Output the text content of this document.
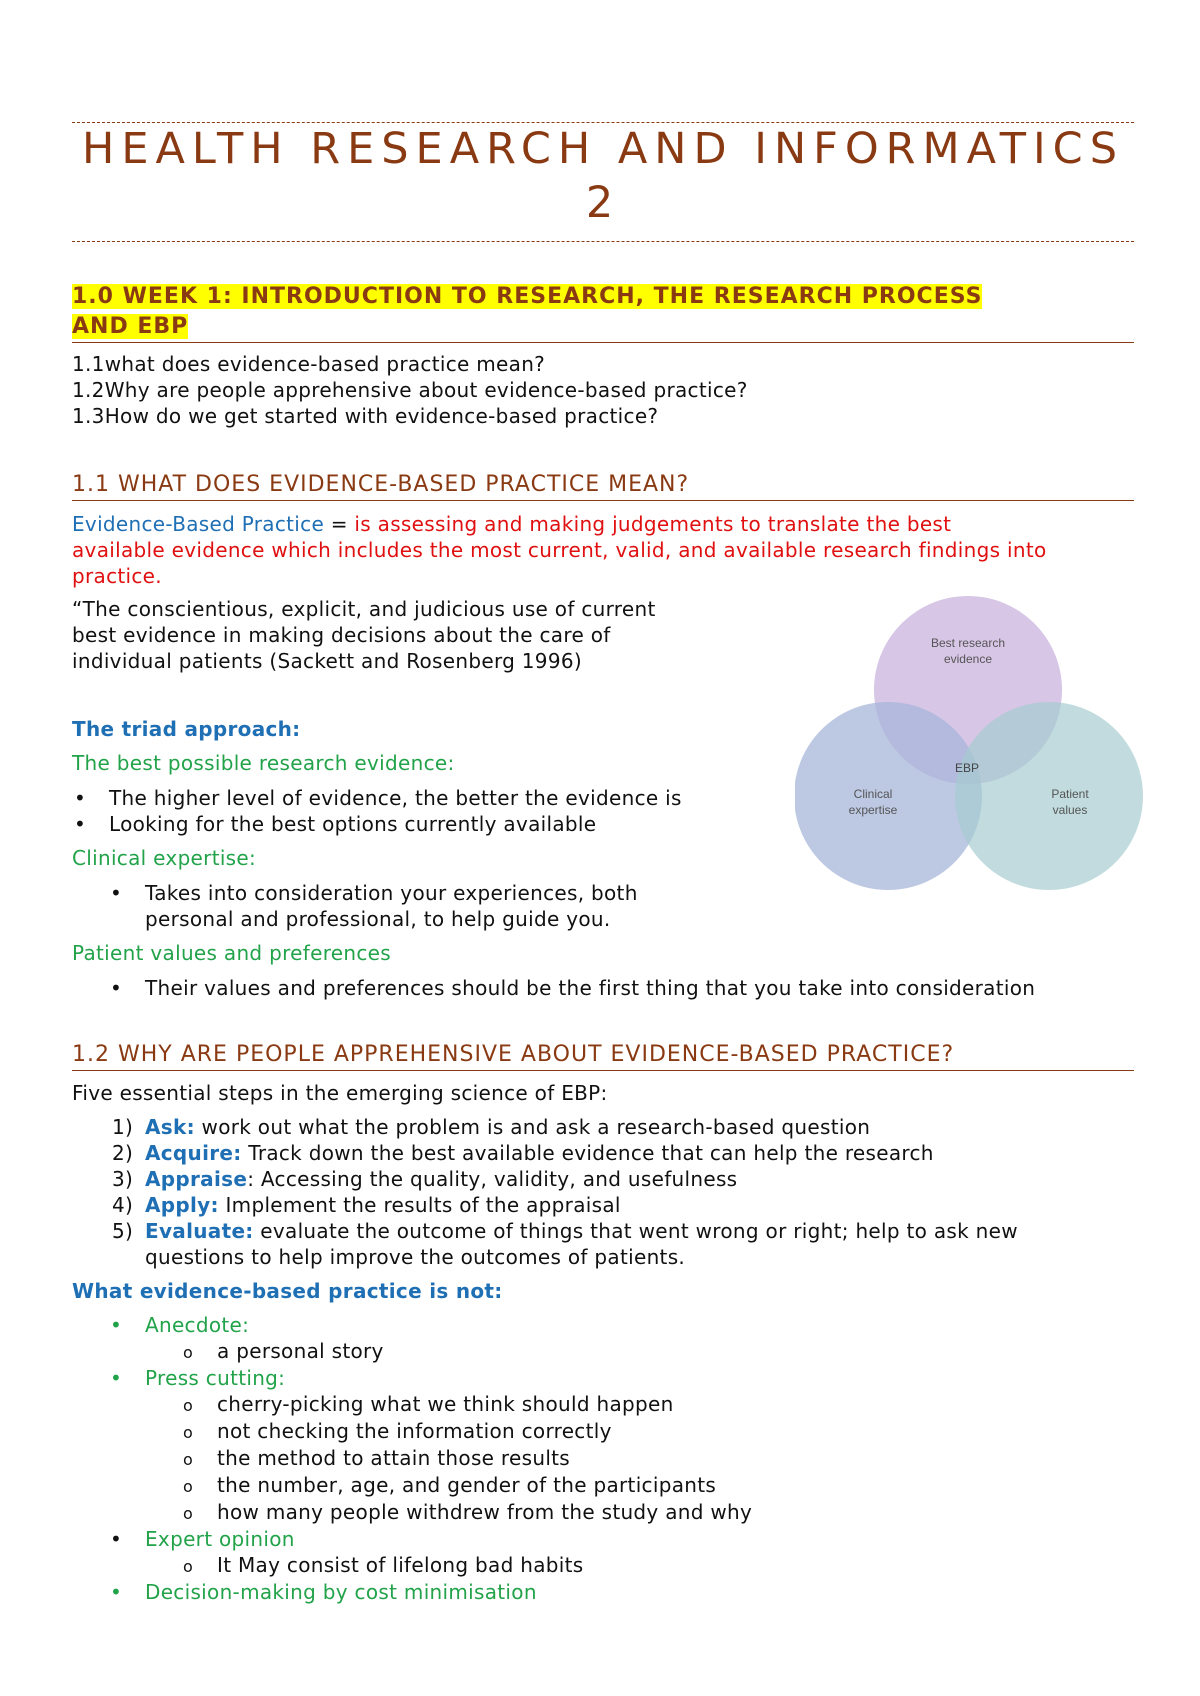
HEALTH RESEARCH AND INFORMATICS
2
1.0 WEEK 1: INTRODUCTION TO RESEARCH, THE RESEARCH PROCESS
AND EBP
1.1what does evidence-based practice mean?
1.2Why are people apprehensive about evidence-based practice?
1.3How do we get started with evidence-based practice?
1.1 WHAT DOES EVIDENCE-BASED PRACTICE MEAN?
Evidence-Based Practice = is assessing and making judgements to translate the best
available evidence which includes the most current, valid, and available research findings into
practice.
“The conscientious, explicit, and judicious use of current
best evidence in making decisions about the care of
individual patients (Sackett and Rosenberg 1996)
The triad approach:
The best possible research evidence:
• The higher level of evidence, the better the evidence is
• Looking for the best options currently available
Clinical expertise:
• Takes into consideration your experiences, both
personal and professional, to help guide you.
Patient values and preferences
• Their values and preferences should be the first thing that you take into consideration
Best research
evidence
Clinical
expertise
Patient
values
EBP
1.2 WHY ARE PEOPLE APPREHENSIVE ABOUT EVIDENCE-BASED PRACTICE?
Five essential steps in the emerging science of EBP:
1) Ask: work out what the problem is and ask a research-based question
2) Acquire: Track down the best available evidence that can help the research
3) Appraise: Accessing the quality, validity, and usefulness
4) Apply: Implement the results of the appraisal
5) Evaluate: evaluate the outcome of things that went wrong or right; help to ask new
questions to help improve the outcomes of patients.
What evidence-based practice is not:
• Anecdote:
o a personal story
• Press cutting:
o cherry-picking what we think should happen
o not checking the information correctly
o the method to attain those results
o the number, age, and gender of the participants
o how many people withdrew from the study and why
• Expert opinion
o It May consist of lifelong bad habits
• Decision-making by cost minimisation
